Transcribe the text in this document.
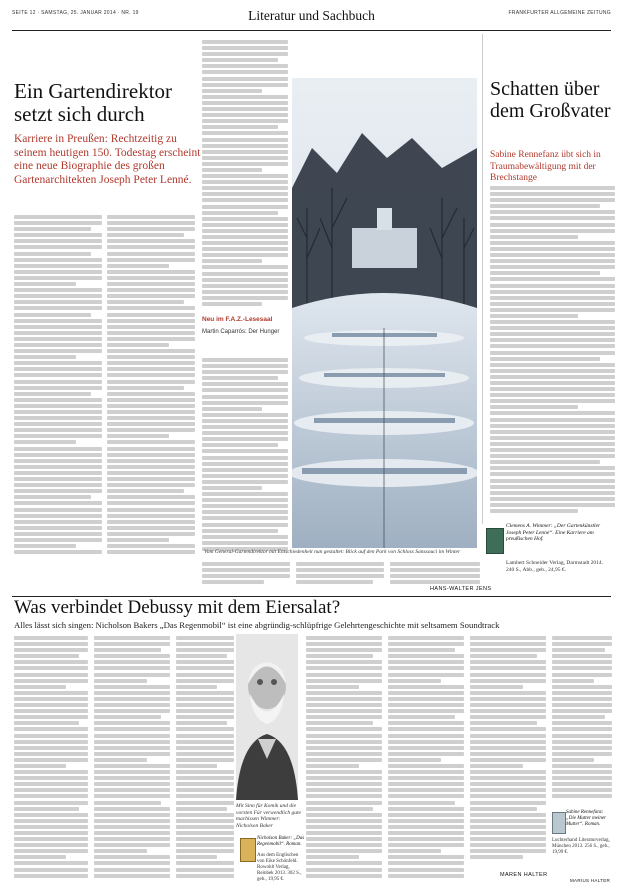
SEITE 12 · SAMSTAG, 25. JANUAR 2014 · NR. 19	Literatur und Sachbuch	FRANKFURTER ALLGEMEINE ZEITUNG
Ein Gartendirektor setzt sich durch
Karriere in Preußen: Rechtzeitig zu seinem heutigen 150. Todestag erscheint eine neue Biographie des großen Gartenarchitekten Joseph Peter Lenné.
Neu im F.A.Z.-Lesesaal
Martin Caparrós: Der Hunger
Vom General-Gartendirektor mit Entschiedenheit nun gestaltet: Blick auf den Park von Schloss Sanssouci im Winter
HANS-WALTER JENS
Clemens A. Wimmer: „Der Gartenkünstler Joseph Peter Lenné“. Eine Karriere am preußischen Hof.
Lambert Schneider Verlag, Darmstadt 2014. 240 S., Abb., geb., 24,95 €.
Schatten über dem Großvater
Sabine Rennefanz übt sich in Traumabewältigung mit der Brechstange
Was verbindet Debussy mit dem Eiersalat?
Alles lässt sich singen: Nicholson Bakers „Das Regenmobil“ ist eine abgründig-schlüpfrige Gelehrtengeschichte mit seltsamem Soundtrack
Mit Sinn für Komik und die vorsten Für verwendlich gute machissen Wimmer: Nicholson Baker
Nicholson Baker: „Das Regenmobil“. Roman.
Aus dem Englischen von Eike Schönfeld. Rowohlt Verlag, Reinbek 2013. 302 S., geb., 19,95 €.
MAREN HALTER
MARIUS HALTER
Sabine Rennefanz: „Die Mutter meiner Mutter“. Roman.
Luchterhand Literaturverlag, München 2013. 256 S., geb., 19,99 €.
